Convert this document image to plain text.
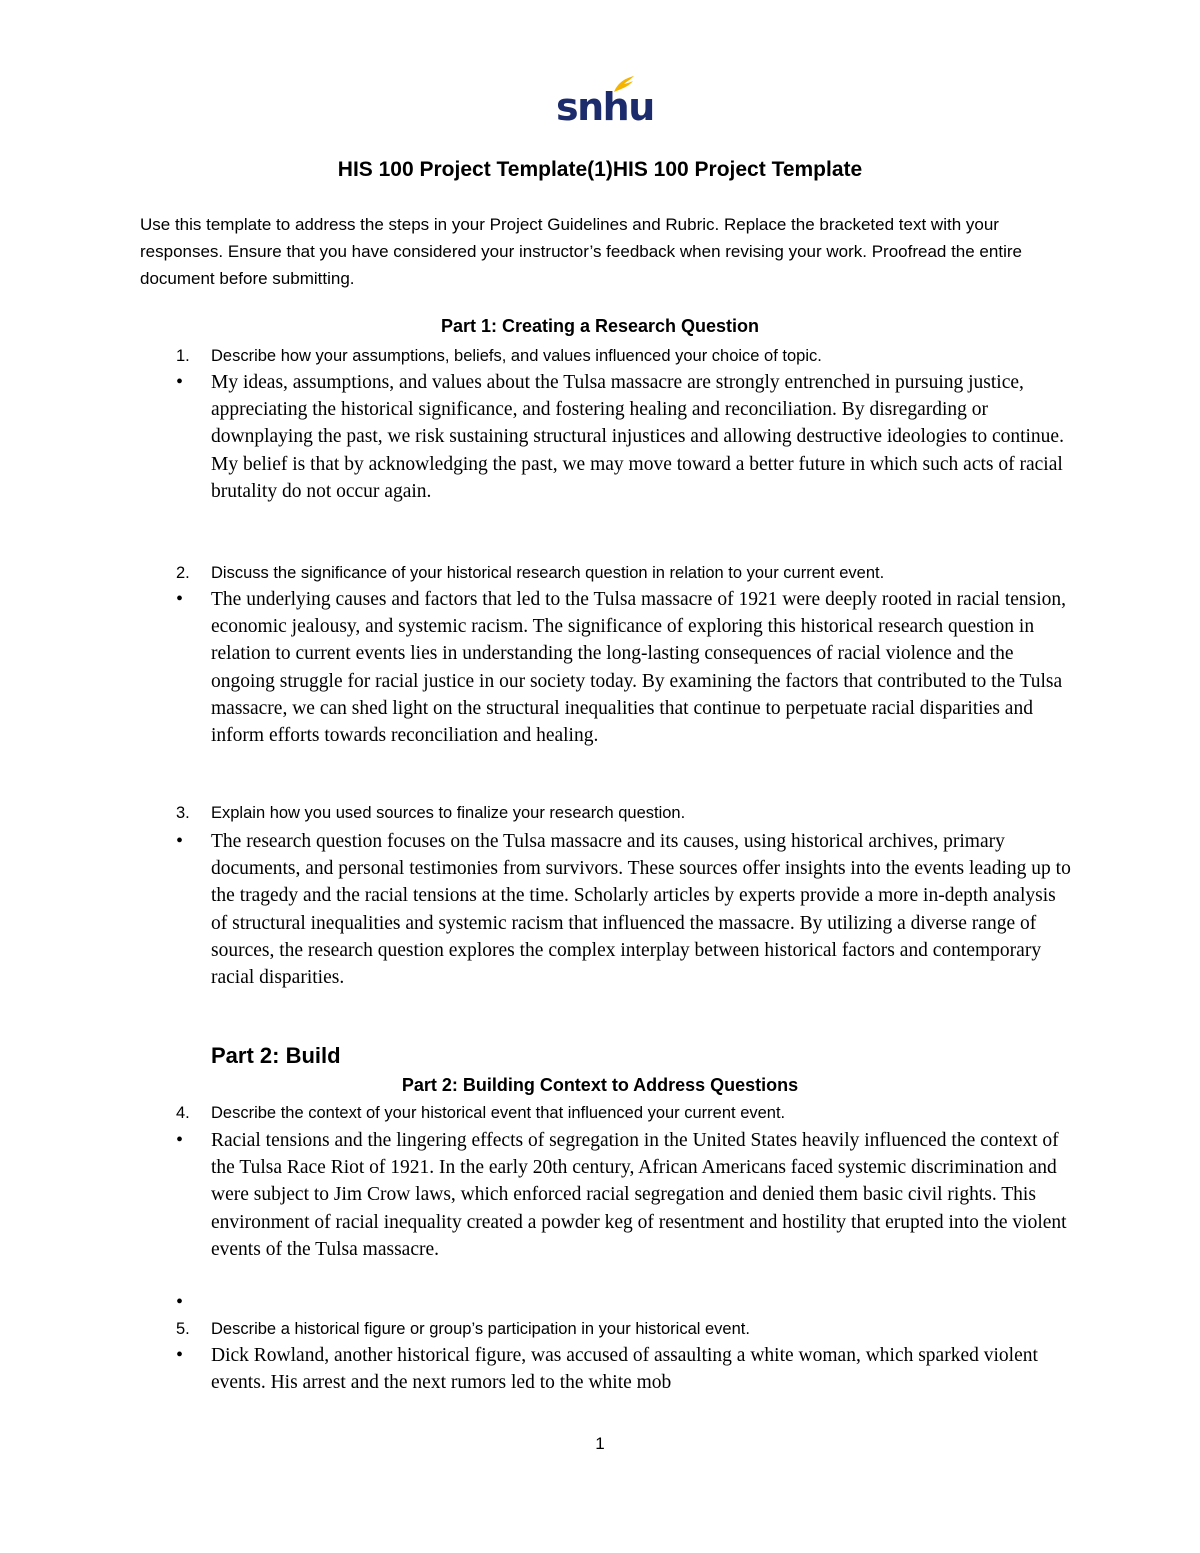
snhu
HIS 100 Project Template(1)HIS 100 Project Template
Use this template to address the steps in your Project Guidelines and Rubric. Replace the bracketed text with your responses. Ensure that you have considered your instructor’s feedback when revising your work. Proofread the entire document before submitting.
Part 1: Creating a Research Question
1. Describe how your assumptions, beliefs, and values influenced your choice of topic.
•	My ideas, assumptions, and values about the Tulsa massacre are strongly entrenched in pursuing justice, appreciating the historical significance, and fostering healing and reconciliation. By disregarding or downplaying the past, we risk sustaining structural injustices and allowing destructive ideologies to continue. My belief is that by acknowledging the past, we may move toward a better future in which such acts of racial brutality do not occur again.
2. Discuss the significance of your historical research question in relation to your current event.
•	The underlying causes and factors that led to the Tulsa massacre of 1921 were deeply rooted in racial tension, economic jealousy, and systemic racism. The significance of exploring this historical research question in relation to current events lies in understanding the long-lasting consequences of racial violence and the ongoing struggle for racial justice in our society today. By examining the factors that contributed to the Tulsa massacre, we can shed light on the structural inequalities that continue to perpetuate racial disparities and inform efforts towards reconciliation and healing.
3. Explain how you used sources to finalize your research question.
•	The research question focuses on the Tulsa massacre and its causes, using historical archives, primary documents, and personal testimonies from survivors. These sources offer insights into the events leading up to the tragedy and the racial tensions at the time. Scholarly articles by experts provide a more in-depth analysis of structural inequalities and systemic racism that influenced the massacre. By utilizing a diverse range of sources, the research question explores the complex interplay between historical factors and contemporary racial disparities.
Part 2: Build
Part 2: Building Context to Address Questions
4. Describe the context of your historical event that influenced your current event.
•	Racial tensions and the lingering effects of segregation in the United States heavily influenced the context of the Tulsa Race Riot of 1921. In the early 20th century, African Americans faced systemic discrimination and were subject to Jim Crow laws, which enforced racial segregation and denied them basic civil rights. This environment of racial inequality created a powder keg of resentment and hostility that erupted into the violent events of the Tulsa massacre.
•
5. Describe a historical figure or group’s participation in your historical event.
•	Dick Rowland, another historical figure, was accused of assaulting a white woman, which sparked violent events. His arrest and the next rumors led to the white mob
1
